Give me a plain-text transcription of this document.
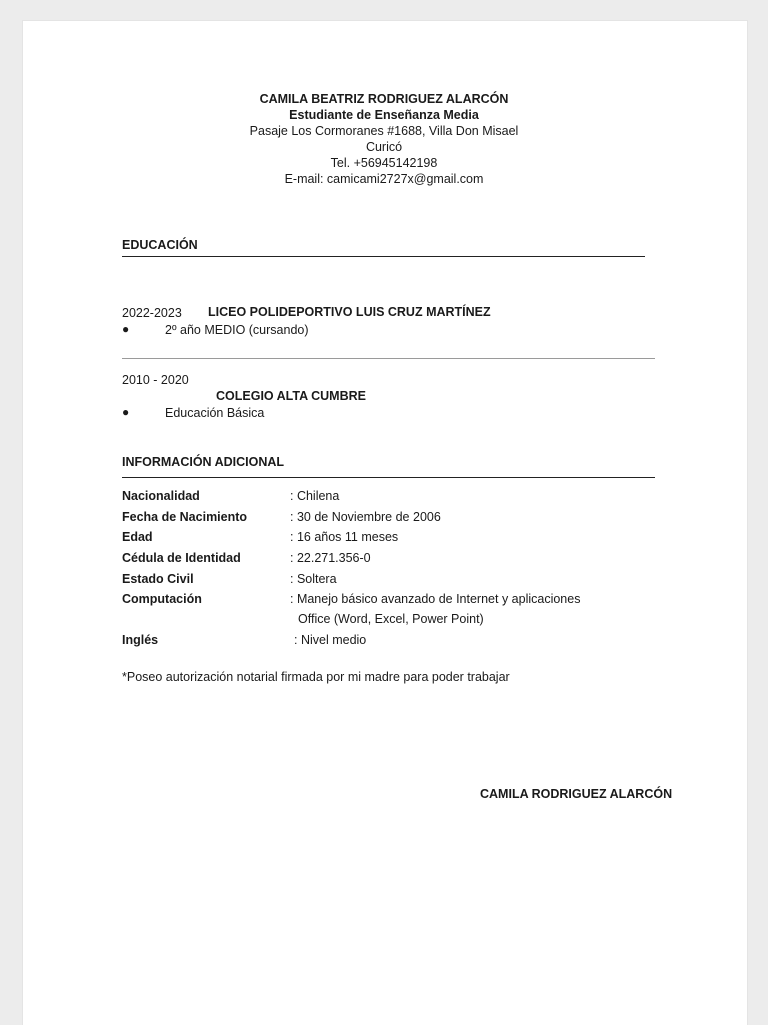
CAMILA BEATRIZ RODRIGUEZ ALARCÓN
Estudiante de Enseñanza Media
Pasaje Los Cormoranes #1688, Villa Don Misael
Curicó
Tel. +56945142198
E-mail: camicami2727x@gmail.com
EDUCACIÓN
2022-2023 LICEO POLIDEPORTIVO LUIS CRUZ MARTÍNEZ
●	2º año MEDIO (cursando)
2010 - 2020
COLEGIO ALTA CUMBRE
●	Educación Básica
INFORMACIÓN ADICIONAL
Nacionalidad	: Chilena
Fecha de Nacimiento	: 30 de Noviembre de 2006
Edad	: 16 años 11 meses
Cédula de Identidad	: 22.271.356-0
Estado Civil	: Soltera
Computación	: Manejo básico avanzado de Internet y aplicaciones
Office (Word, Excel, Power Point)
Inglés	: Nivel medio
*Poseo autorización notarial firmada por mi madre para poder trabajar
CAMILA RODRIGUEZ ALARCÓN
